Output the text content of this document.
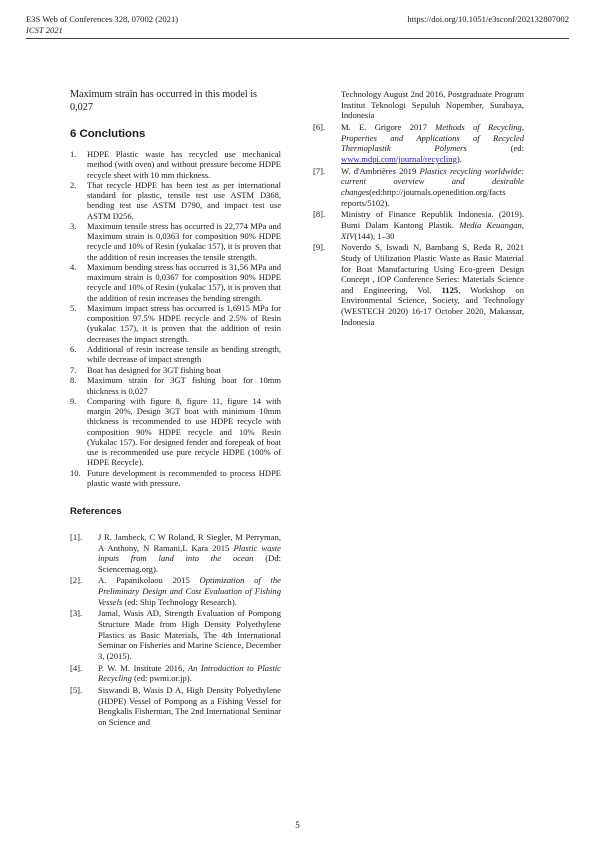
E3S Web of Conferences 328, 07002 (2021)
ICST 2021
https://doi.org/10.1051/e3sconf/202132807002

Maximum strain has occurred in this model is 0,027

6 Conclutions
1.	HDPE Plastic waste has recycled use mechanical method (with oven) and without pressure become HDPE recycle sheet with 10 mm thickness.
2.	That recycle HDPE has been test as per international standard for plastic, tensile test use ASTM D368, bending test use ASTM D790, and impact test use ASTM D256.
3.	Maximum tensile stress has occurred is 22,774 MPa and Maximum strain is 0,0363 for composition 90% HDPE recycle and 10% of Resin (yukalac 157), it is proven that the addition of resin increases the tensile strength.
4.	Maximum bending stress has occurred is 31,56 MPa and maximum strain is 0,0367 for composition 90% HDPE recycle and 10% of Resin (yukalac 157), it is proven that the addition of resin increases the bending strength.
5.	Maximum impact stress has occurred is 1,6915 MPa for composition 97.5% HDPE recycle and 2.5% of Resin (yukalac 157), it is proven that the addition of resin decreases the impact strength.
6.	Additional of resin increase tensile as bending strength, while decrease of impact strength
7.	Boat has designed for 3GT fishing boat
8.	Maximum strain for 3GT fishing boat for 10mm thickness is 0,027
9.	Comparing with figure 8, figure 11, figure 14 with margin 20%, Design 3GT boat with minimum 10mm thickness is recommended to use HDPE recycle with composition 90% HDPE recycle and 10% Resin (Yukalac 157). For designed fender and forepeak of boat use is recommended use pure recycle HDPE (100% of HDPE Recycle).
10. Future development is recommended to process HDPE plastic waste with pressure.
References
[1].	J R. Jambeck, C W Roland, R Siegler, M Perryman, A Anthony, N Ramani,L Kara 2015 Plastic waste inputs from land into the ocean (Dd: Sciencemag.org).
[2].	A. Papanikolaou 2015 Optimization of the Preliminary Design and Cost Evaluation of Fishing Vessels (ed: Ship Technology Research).
[3].	Jamal, Wasis AD, Strength Evaluation of Pompong Structure Made from High Density Polyethylene Plastics as Basic Materials, The 4th International Seminar on Fisheries and Marine Science, December 3, (2015).
[4].	P. W. M. Institute 2016, An Introduction to Plastic Recycling (ed: pwmi.or.jp).
[5].	Siswandi B, Wasis D A, High Density Polyethylene (HDPE) Vessel of Pompong as a Fishing Vessel for Bengkalis Fisherman, The 2nd International Seminar on Science and
Technology August 2nd 2016, Postgraduate Program Institut Teknologi Sepuluh Nopember, Surabaya, Indonesia
[6].	M. E. Grigore 2017 Methods of Recycling, Properties and Applications of Recycled Thermoplastik Polymers (ed: www.mdpi.com/journal/recycling).
[7].	W. d'Ambrières 2019 Plastics recycling worldwide: current overview and desirable changes(ed:http://journals.openedition.org/facts reports/5102).
[8].	Ministry of Finance Republik Indonesia. (2019). Bumi Dalam Kantong Plastik. Media Keuangan, XIV(144), 1–30
[9].	Noverdo S, Iswadi N, Bambang S, Reda R, 2021 Study of Utilization Plastic Waste as Basic Material for Boat Manufacturing Using Eco-green Design Concept , IOP Conference Series: Materials Science and Engineering, Vol. 1125, Workshop on Environmental Science, Society, and Technology (WESTECH 2020) 16-17 October 2020, Makassar, Indonesia
5
